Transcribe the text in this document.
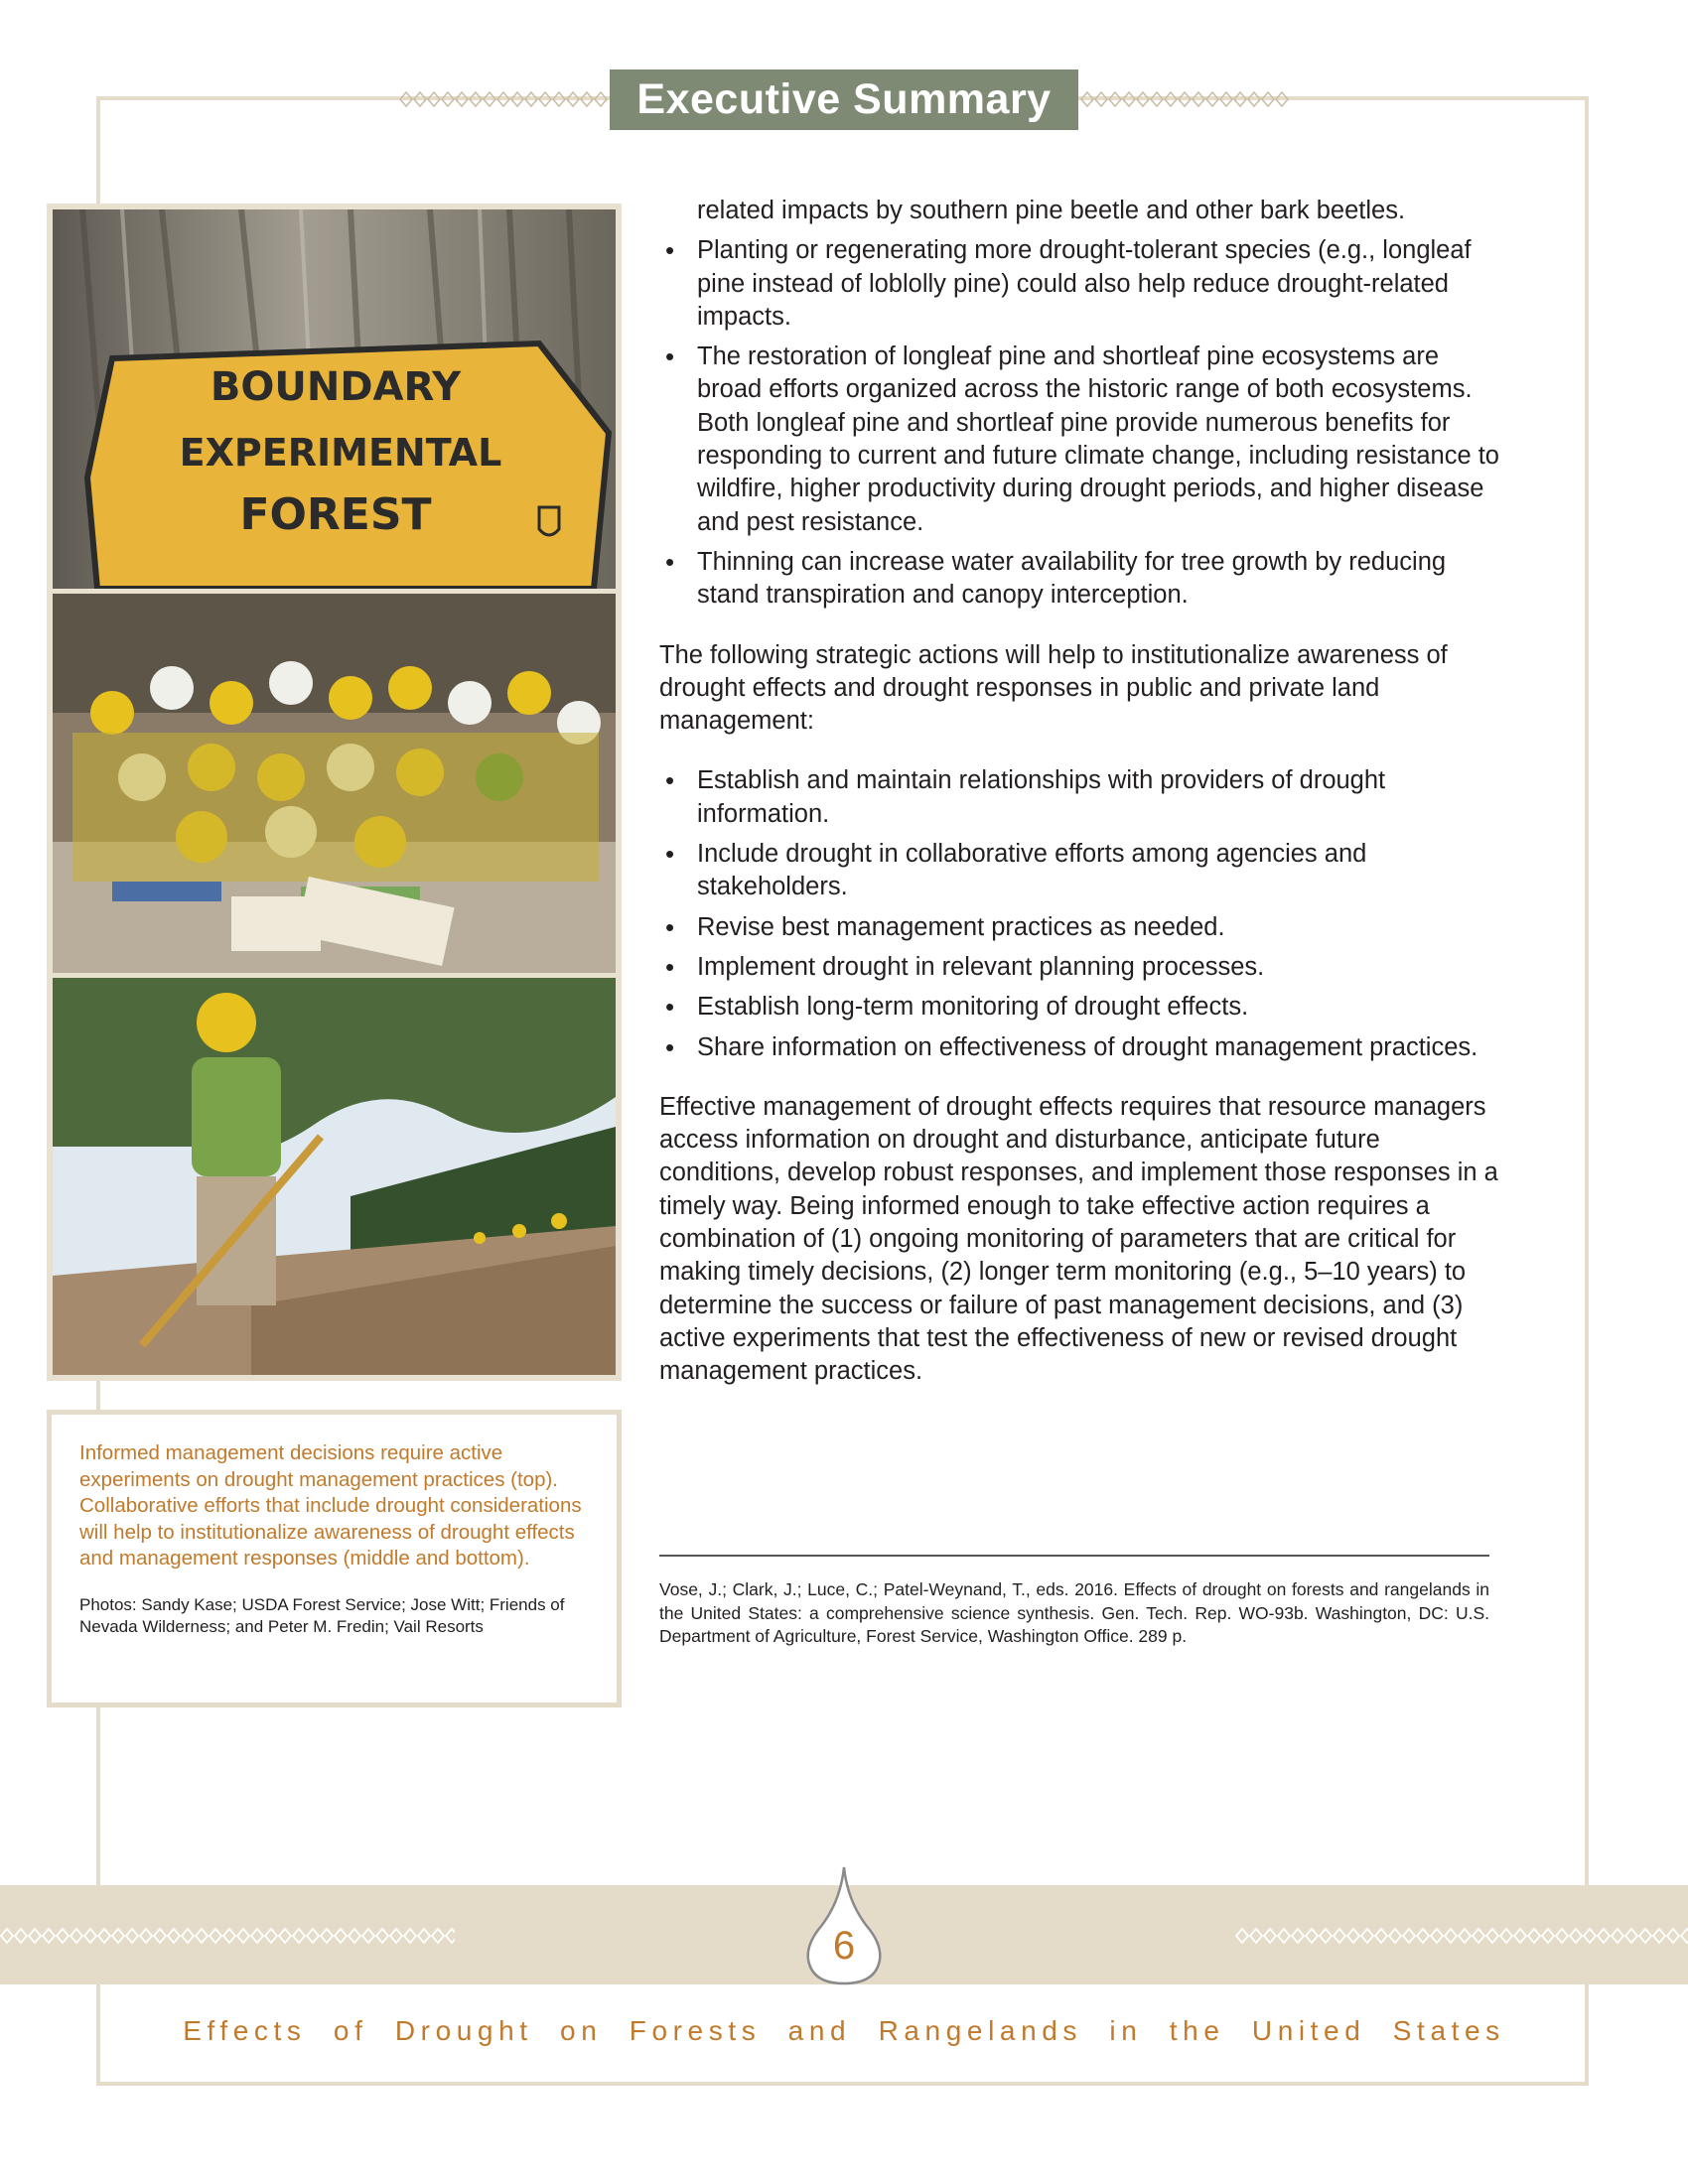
Executive Summary
BOUNDARY
EXPERIMENTAL
FOREST

Informed management decisions require active experiments on drought management practices (top). Collaborative efforts that include drought considerations will help to institutionalize awareness of drought effects and management responses (middle and bottom).

Photos: Sandy Kase; USDA Forest Service; Jose Witt; Friends of Nevada Wilderness; and Peter M. Fredin; Vail Resorts

related impacts by southern pine beetle and other bark beetles.

• Planting or regenerating more drought-tolerant species (e.g., longleaf pine instead of loblolly pine) could also help reduce drought-related impacts.
• The restoration of longleaf pine and shortleaf pine ecosystems are broad efforts organized across the historic range of both ecosystems. Both longleaf pine and shortleaf pine provide numerous benefits for responding to current and future climate change, including resistance to wildfire, higher productivity during drought periods, and higher disease and pest resistance.
• Thinning can increase water availability for tree growth by reducing stand transpiration and canopy interception.

The following strategic actions will help to institutionalize awareness of drought effects and drought responses in public and private land management:

• Establish and maintain relationships with providers of drought information.
• Include drought in collaborative efforts among agencies and stakeholders.
• Revise best management practices as needed.
• Implement drought in relevant planning processes.
• Establish long-term monitoring of drought effects.
• Share information on effectiveness of drought management practices.

Effective management of drought effects requires that resource managers access information on drought and disturbance, anticipate future conditions, develop robust responses, and implement those responses in a timely way. Being informed enough to take effective action requires a combination of (1) ongoing monitoring of parameters that are critical for making timely decisions, (2) longer term monitoring (e.g., 5–10 years) to determine the success or failure of past management decisions, and (3) active experiments that test the effectiveness of new or revised drought management practices.

Vose, J.; Clark, J.; Luce, C.; Patel-Weynand, T., eds. 2016. Effects of drought on forests and rangelands in the United States: a comprehensive science synthesis. Gen. Tech. Rep. WO-93b. Washington, DC: U.S. Department of Agriculture, Forest Service, Washington Office. 289 p.

6
Effects of Drought on Forests and Rangelands in the United States
